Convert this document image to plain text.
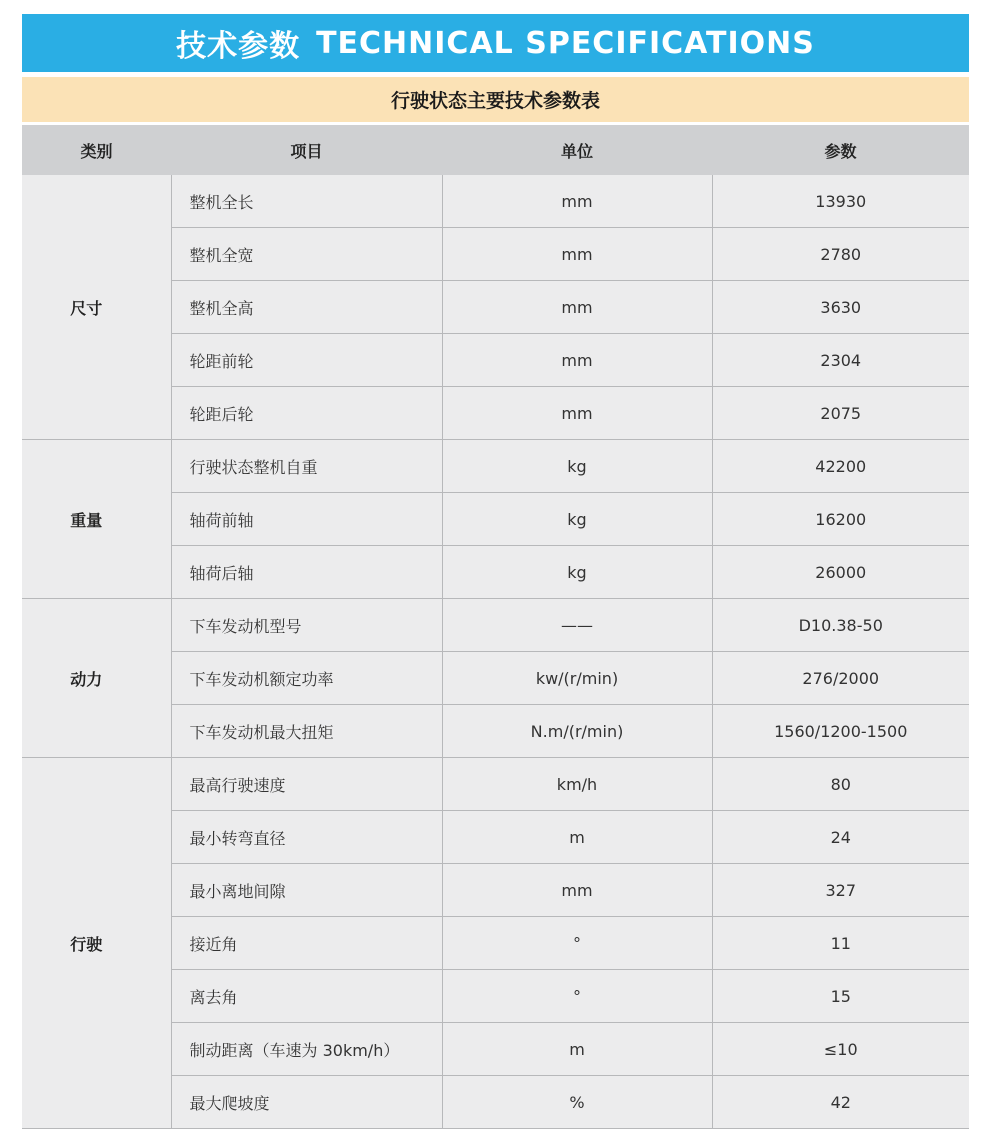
技术参数 TECHNICAL SPECIFICATIONS
行驶状态主要技术参数表
类别	项目	单位	参数
尺寸	整机全长	mm	13930
	整机全宽	mm	2780
	整机全高	mm	3630
	轮距前轮	mm	2304
	轮距后轮	mm	2075
重量	行驶状态整机自重	kg	42200
	轴荷前轴	kg	16200
	轴荷后轴	kg	26000
动力	下车发动机型号	——	D10.38-50
	下车发动机额定功率	kw/(r/min)	276/2000
	下车发动机最大扭矩	N.m/(r/min)	1560/1200-1500
行驶	最高行驶速度	km/h	80
	最小转弯直径	m	24
	最小离地间隙	mm	327
	接近角	°	11
	离去角	°	15
	制动距离（车速为 30km/h）	m	≤10
	最大爬坡度	%	42
